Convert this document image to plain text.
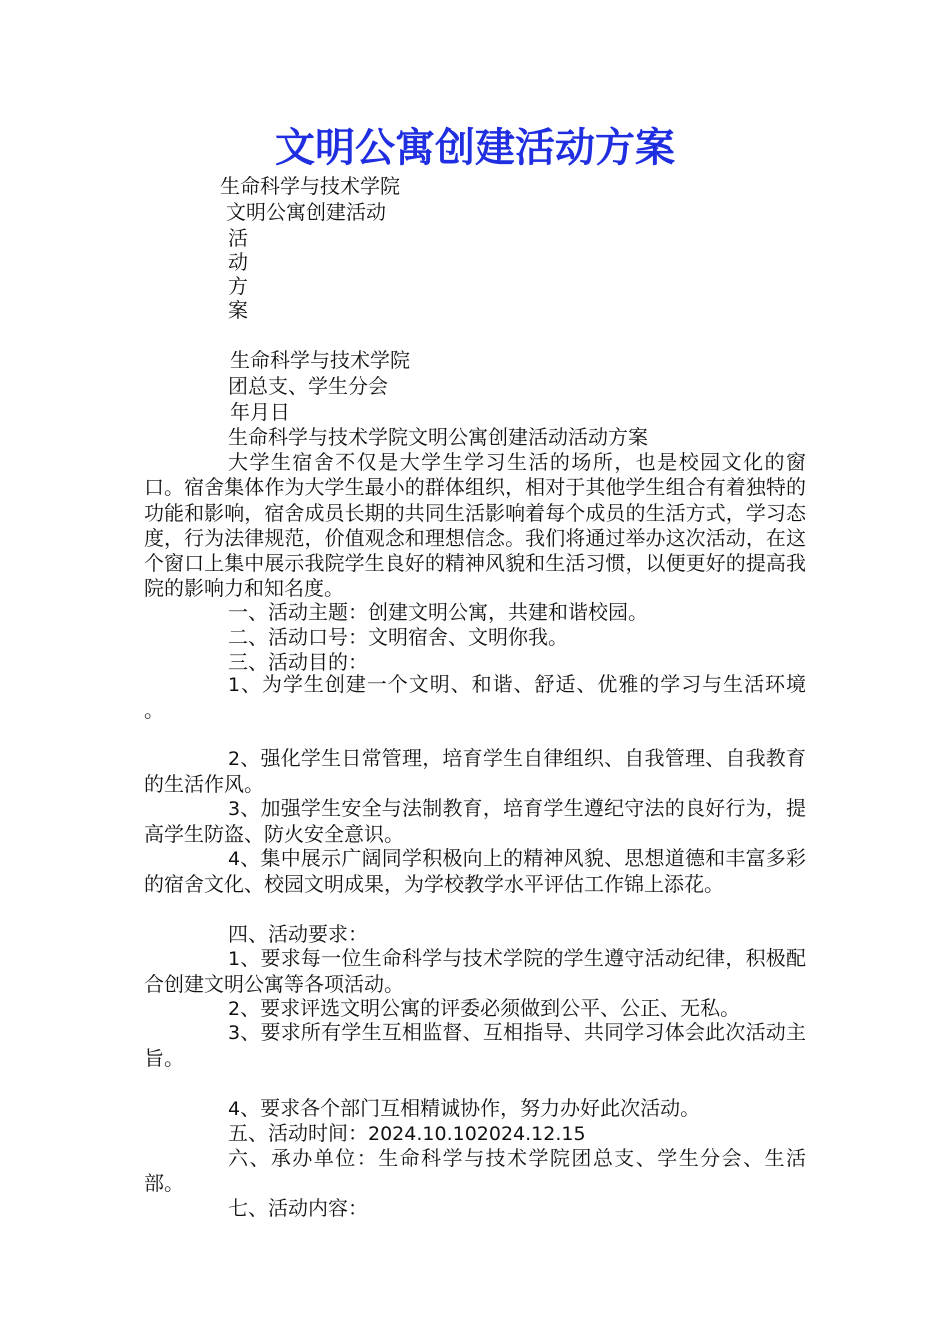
文明公寓创建活动方案
生命科学与技术学院
文明公寓创建活动
活
动
方
案
生命科学与技术学院
团总支、学生分会
年月日
生命科学与技术学院文明公寓创建活动活动方案

大学生宿舍不仅是大学生学习生活的场所，也是校园文化的窗口。宿舍集体作为大学生最小的群体组织，相对于其他学生组合有着独特的功能和影响，宿舍成员长期的共同生活影响着每个成员的生活方式，学习态度，行为法律规范，价值观念和理想信念。我们将通过举办这次活动，在这个窗口上集中展示我院学生良好的精神风貌和生活习惯，以便更好的提高我院的影响力和知名度。

一、活动主题：创建文明公寓，共建和谐校园。
二、活动口号：文明宿舍、文明你我。
三、活动目的：

1、为学生创建一个文明、和谐、舒适、优雅的学习与生活环境 。

2、强化学生日常管理，培育学生自律组织、自我管理、自我教育的生活作风。

3、加强学生安全与法制教育，培育学生遵纪守法的良好行为，提高学生防盗、防火安全意识。

4、集中展示广阔同学积极向上的精神风貌、思想道德和丰富多彩的宿舍文化、校园文明成果，为学校教学水平评估工作锦上添花。

四、活动要求：

1、要求每一位生命科学与技术学院的学生遵守活动纪律，积极配合创建文明公寓等各项活动。

2、要求评选文明公寓的评委必须做到公平、公正、无私。

3、要求所有学生互相监督、互相指导、共同学习体会此次活动主旨。

4、要求各个部门互相精诚协作，努力办好此次活动。

五、活动时间：2024.10.102024.12.15

六、承办单位：生命科学与技术学院团总支、学生分会、生活部。

七、活动内容：
